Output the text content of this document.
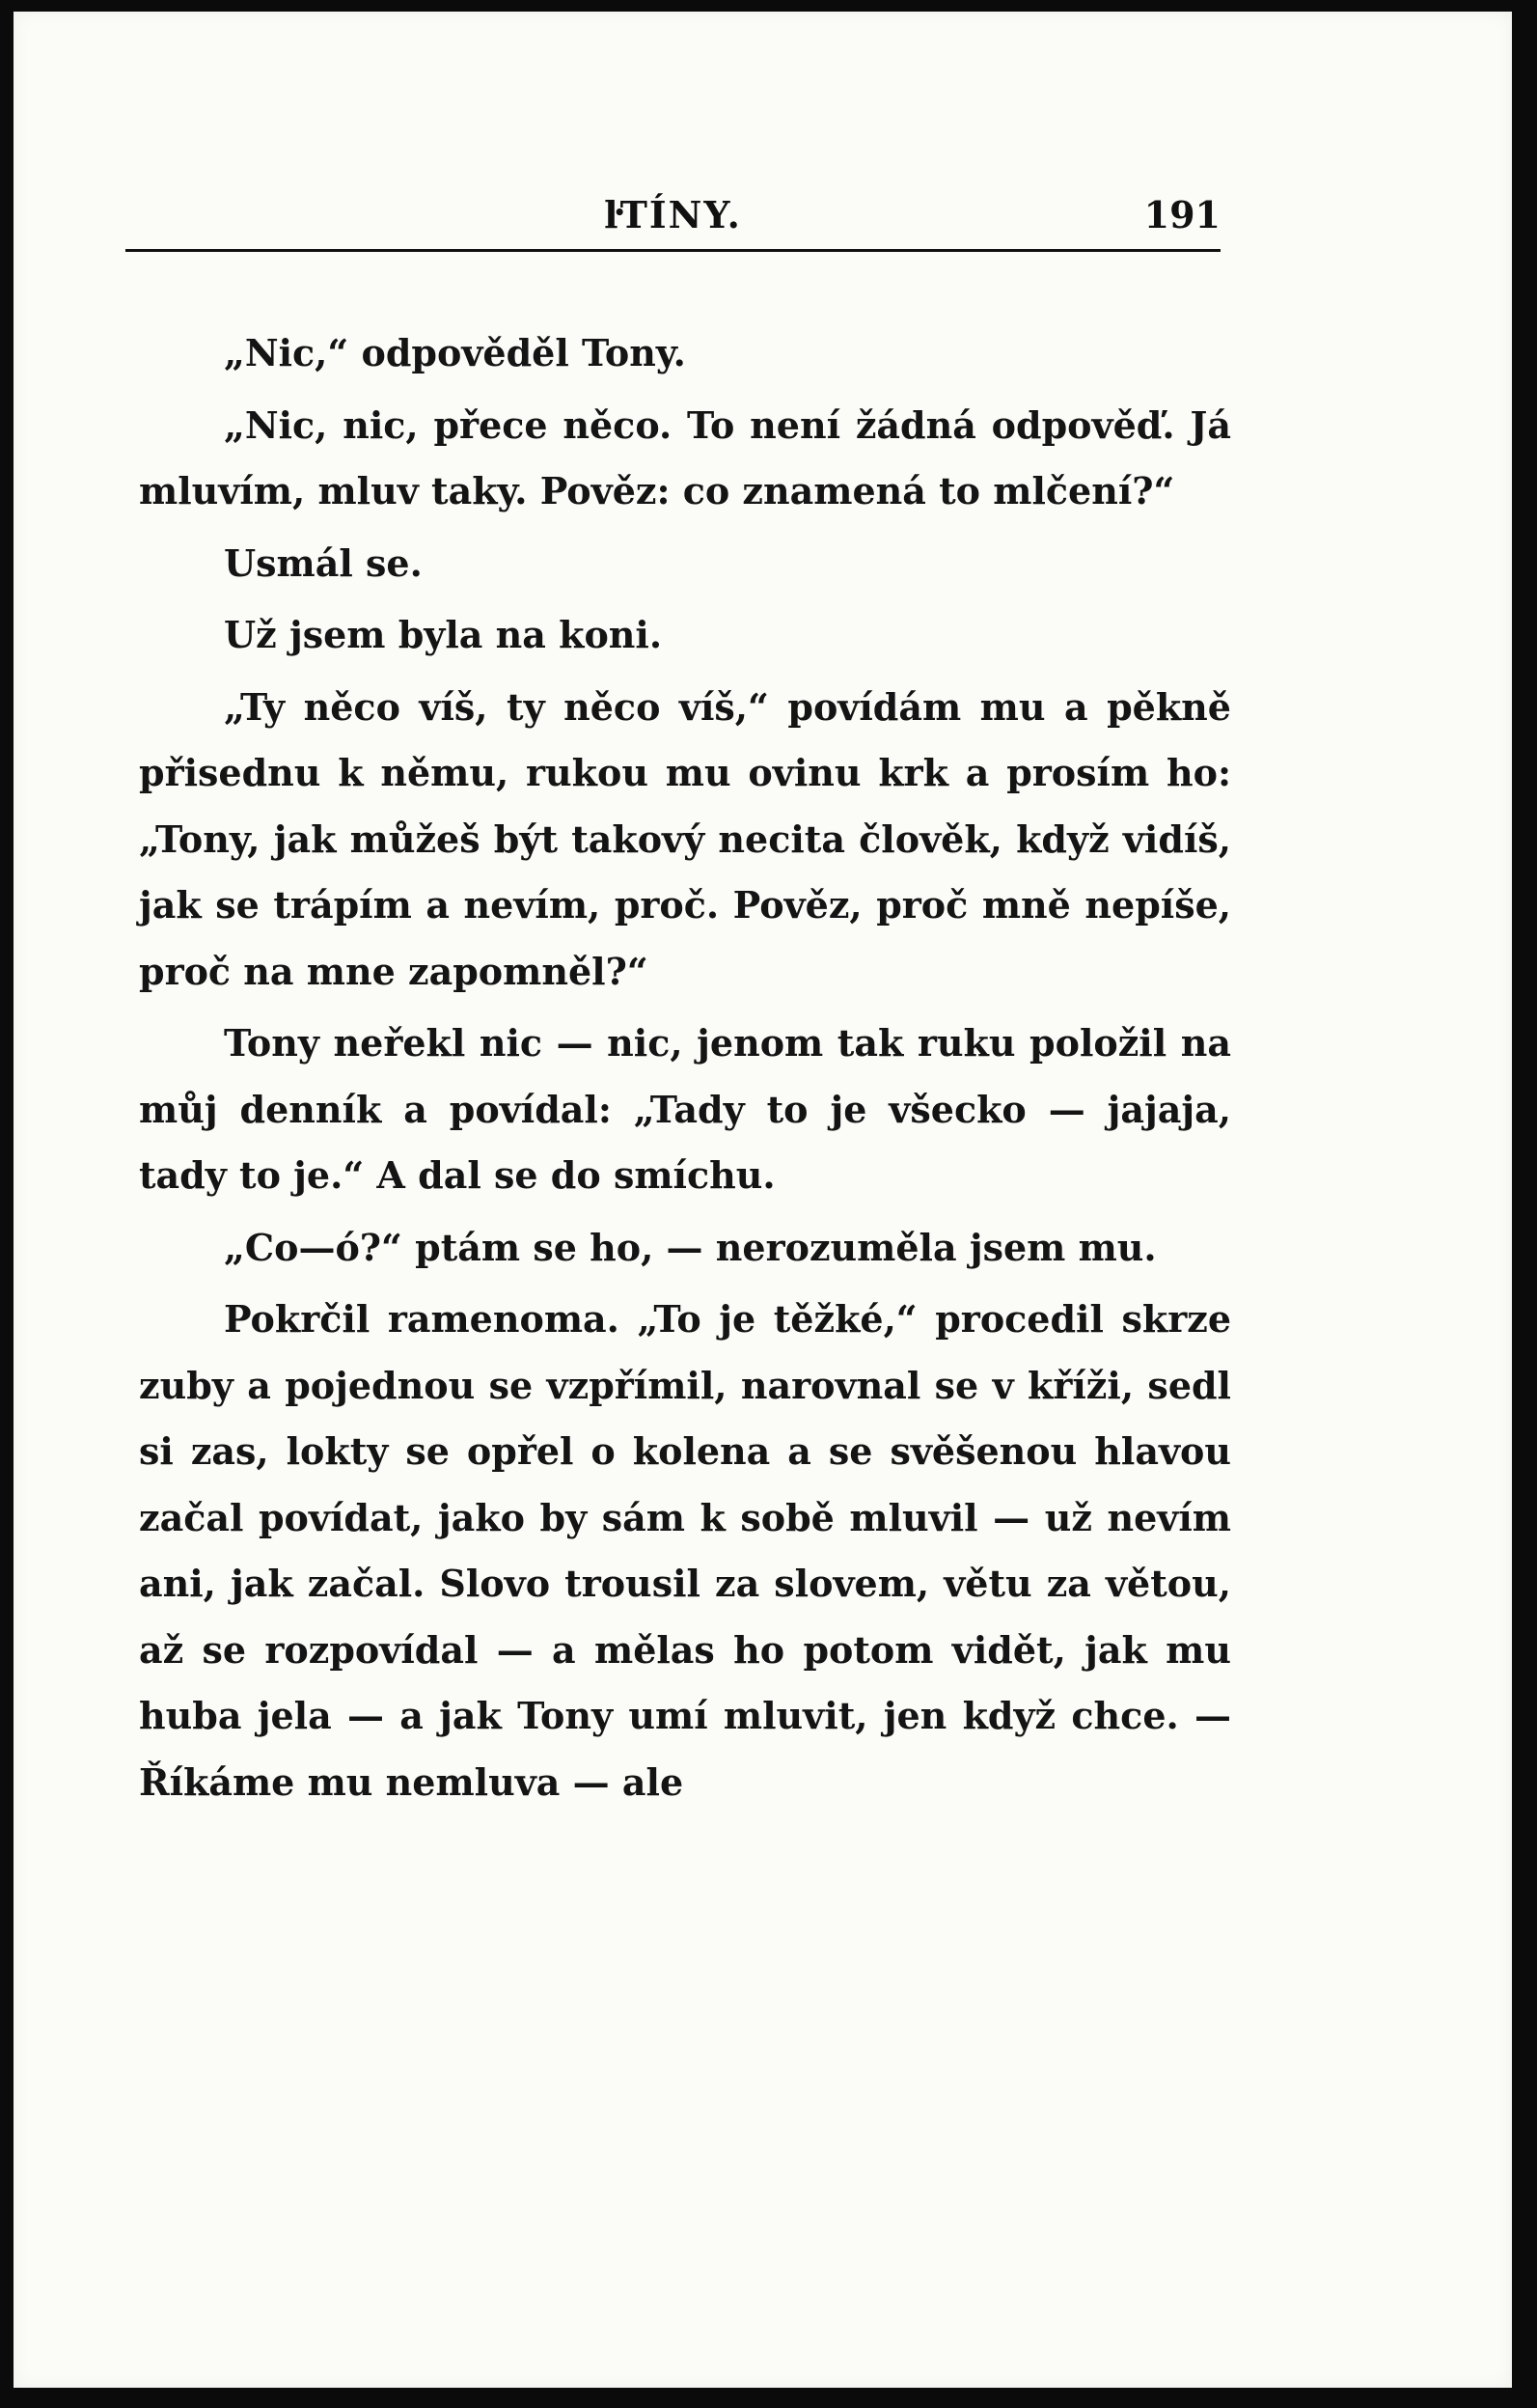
ŀTÍNY.	191

„Nic,“ odpověděl Tony.

„Nic, nic, přece něco. To není žádná odpověď. Já mluvím, mluv taky. Pověz: co znamená to mlčení?“

Usmál se.

Už jsem byla na koni.

„Ty něco víš, ty něco víš,“ povídám mu a pěkně přisednu k němu, rukou mu ovinu krk a prosím ho: „Tony, jak můžeš být takový necita člověk, když vidíš, jak se trápím a nevím, proč. Pověz, proč mně nepíše, proč na mne zapomněl?“

Tony neřekl nic — nic, jenom tak ruku položil na můj denník a povídal: „Tady to je všecko — jajaja, tady to je.“ A dal se do smíchu.

„Co—ó?“ ptám se ho, — nerozuměla jsem mu.

Pokrčil ramenoma. „To je těžké,“ procedil skrze zuby a pojednou se vzpřímil, narovnal se v kříži, sedl si zas, lokty se opřel o kolena a se svěšenou hlavou začal povídat, jako by sám k sobě mluvil — už nevím ani, jak začal. Slovo trousil za slovem, větu za větou, až se rozpovídal — a mělas ho potom vidět, jak mu huba jela — a jak Tony umí mluvit, jen když chce. — Říkáme mu nemluva — ale
